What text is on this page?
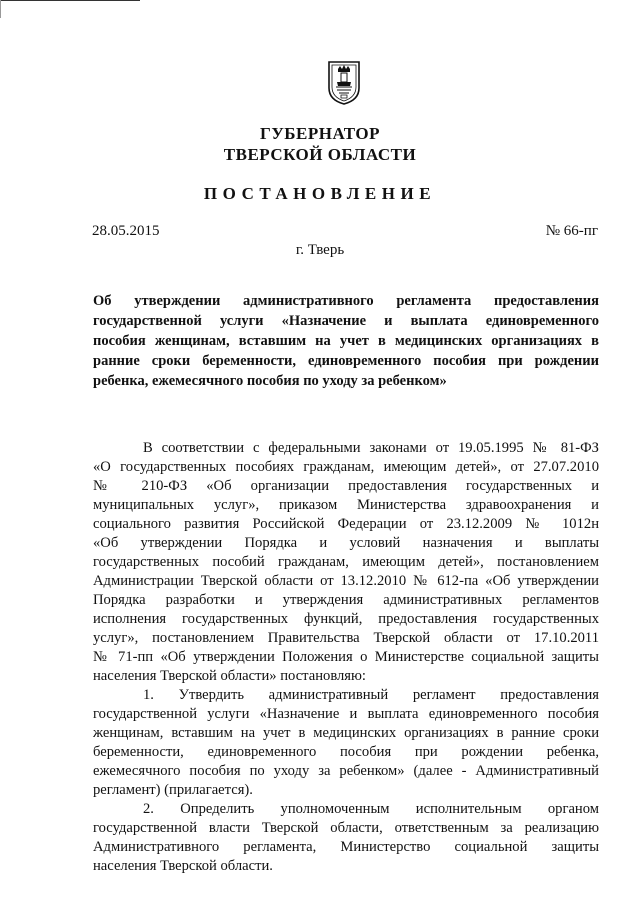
ГУБЕРНАТОР
ТВЕРСКОЙ ОБЛАСТИ
ПОСТАНОВЛЕНИЕ
28.05.2015	№ 66-пг
г. Тверь
Об утверждении административного регламента предоставления
государственной услуги «Назначение и выплата единовременного
пособия женщинам, вставшим на учет в медицинских организациях в
ранние сроки беременности, единовременного пособия при рождении
ребенка, ежемесячного пособия по уходу за ребенком»
В соответствии с федеральными законами от 19.05.1995 № 81-ФЗ
«О государственных пособиях гражданам, имеющим детей», от 27.07.2010
№ 210-ФЗ «Об организации предоставления государственных и
муниципальных услуг», приказом Министерства здравоохранения и
социального развития Российской Федерации от 23.12.2009 № 1012н
«Об утверждении Порядка и условий назначения и выплаты
государственных пособий гражданам, имеющим детей», постановлением
Администрации Тверской области от 13.12.2010 № 612-па «Об утверждении
Порядка разработки и утверждения административных регламентов
исполнения государственных функций, предоставления государственных
услуг», постановлением Правительства Тверской области от 17.10.2011
№ 71-пп «Об утверждении Положения о Министерстве социальной защиты
населения Тверской области» постановляю:
1. Утвердить административный регламент предоставления
государственной услуги «Назначение и выплата единовременного пособия
женщинам, вставшим на учет в медицинских организациях в ранние сроки
беременности, единовременного пособия при рождении ребенка,
ежемесячного пособия по уходу за ребенком» (далее - Административный
регламент) (прилагается).
2. Определить уполномоченным исполнительным органом
государственной власти Тверской области, ответственным за реализацию
Административного регламента, Министерство социальной защиты
населения Тверской области.
